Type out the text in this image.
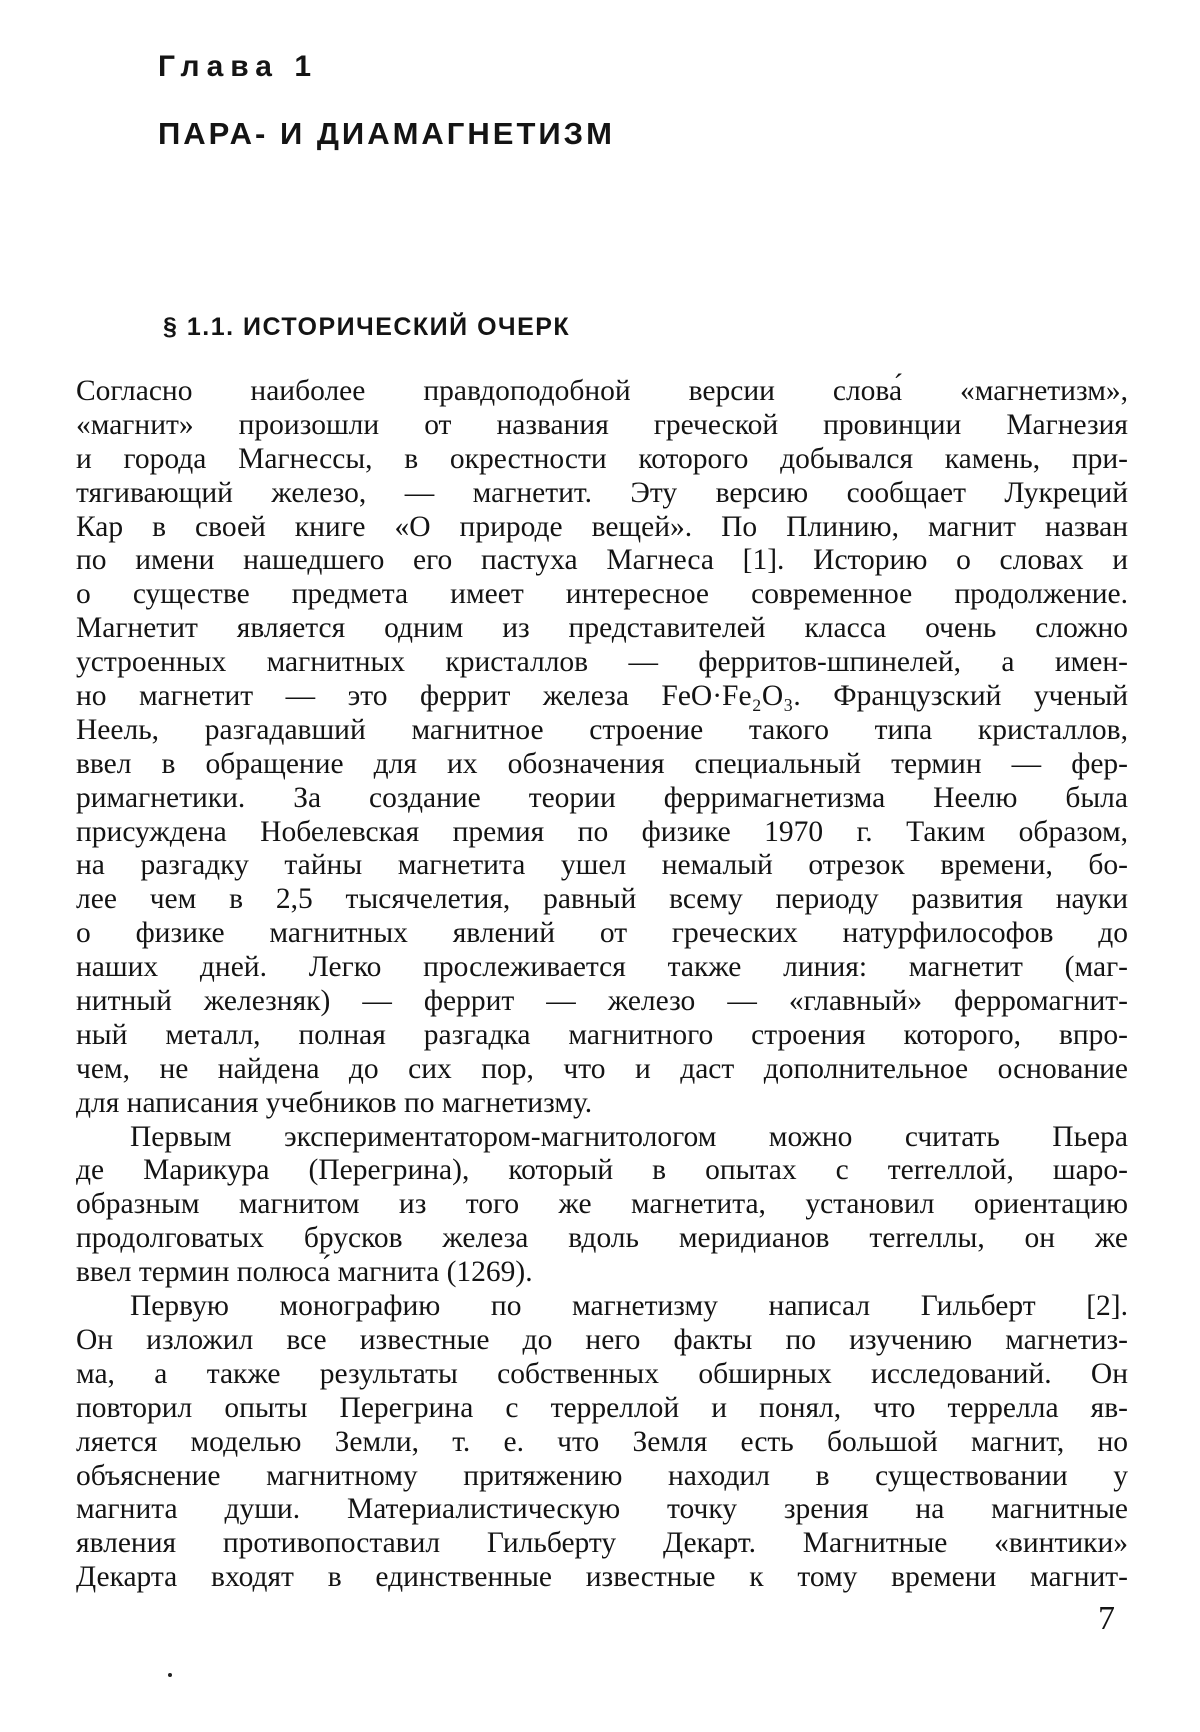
Глава 1
ПАРА- И ДИАМАГНЕТИЗМ
§ 1.1. ИСТОРИЧЕСКИЙ ОЧЕРК
Согласно наиболее правдоподобной версии слова́ «магнетизм»,
«магнит» произошли от названия греческой провинции Магнезия
и города Магнессы, в окрестности которого добывался камень, при-
тягивающий железо, — магнетит. Эту версию сообщает Лукреций
Кар в своей книге «О природе вещей». По Плинию, магнит назван
по имени нашедшего его пастуха Магнеса [1]. Историю о словах и
о существе предмета имеет интересное современное продолжение.
Магнетит является одним из представителей класса очень сложно
устроенных магнитных кристаллов — ферритов-шпинелей, а имен-
но магнетит — это феррит железа FeO·Fe₂O₃. Французский ученый
Неель, разгадавший магнитное строение такого типа кристаллов,
ввел в обращение для их обозначения специальный термин — фер-
римагнетики. За создание теории ферримагнетизма Неелю была
присуждена Нобелевская премия по физике 1970 г. Таким образом,
на разгадку тайны магнетита ушел немалый отрезок времени, бо-
лее чем в 2,5 тысячелетия, равный всему периоду развития науки
о физике магнитных явлений от греческих натурфилософов до
наших дней. Легко прослеживается также линия: магнетит (маг-
нитный железняк) — феррит — железо — «главный» ферромагнит-
ный металл, полная разгадка магнитного строения которого, впро-
чем, не найдена до сих пор, что и даст дополнительное основание
для написания учебников по магнетизму.
Первым экспериментатором-магнитологом можно считать Пьера
де Марикура (Перегрина), который в опытах с тerreллой, шаро-
образным магнитом из того же магнетита, установил ориентацию
продолговатых брусков железа вдоль меридианов тerreллы, он же
ввел термин полюса́ магнита (1269).
Первую монографию по магнетизму написал Гильберт [2].
Он изложил все известные до него факты по изучению магнетиз-
ма, а также результаты собственных обширных исследований. Он
повторил опыты Перегрина с терреллой и понял, что террелла яв-
ляется моделью Земли, т. е. что Земля есть большой магнит, но
объяснение магнитному притяжению находил в существовании у
магнита души. Материалистическую точку зрения на магнитные
явления противопоставил Гильберту Декарт. Магнитные «винтики»
Декарта входят в единственные известные к тому времени магнит-
7
